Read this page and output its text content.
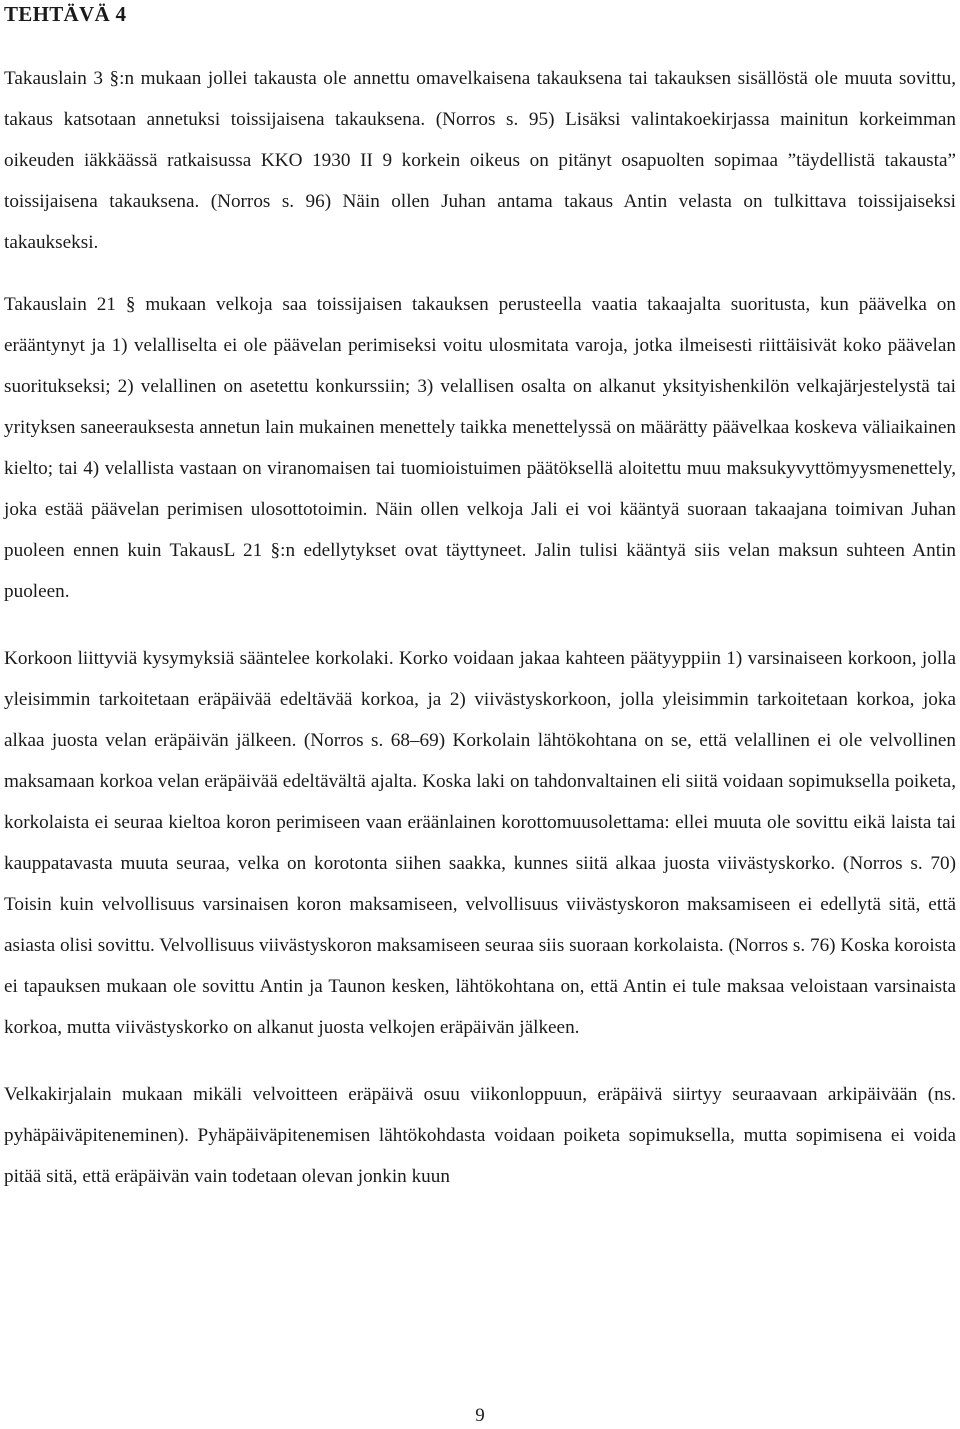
TEHTÄVÄ 4

Takauslain 3 §:n mukaan jollei takausta ole annettu omavelkaisena takauksena tai takauksen sisällöstä ole muuta sovittu, takaus katsotaan annetuksi toissijaisena takauksena. (Norros s. 95) Lisäksi valintakoekirjassa mainitun korkeimman oikeuden iäkkäässä ratkaisussa KKO 1930 II 9 korkein oikeus on pitänyt osapuolten sopimaa ”täydellistä takausta” toissijaisena takauksena. (Norros s. 96) Näin ollen Juhan antama takaus Antin velasta on tulkittava toissijaiseksi takaukseksi.

Takauslain 21 § mukaan velkoja saa toissijaisen takauksen perusteella vaatia takaajalta suoritusta, kun päävelka on erääntynyt ja 1) velalliselta ei ole päävelan perimiseksi voitu ulosmitata varoja, jotka ilmeisesti riittäisivät koko päävelan suoritukseksi; 2) velallinen on asetettu konkurssiin; 3) velallisen osalta on alkanut yksityishenkilön velkajärjestelystä tai yrityksen saneerauksesta annetun lain mukainen menettely taikka menettelyssä on määrätty päävelkaa koskeva väliaikainen kielto; tai 4) velallista vastaan on viranomaisen tai tuomioistuimen päätöksellä aloitettu muu maksukyvyttömyysmenettely, joka estää päävelan perimisen ulosottotoimin. Näin ollen velkoja Jali ei voi kääntyä suoraan takaajana toimivan Juhan puoleen ennen kuin TakausL 21 §:n edellytykset ovat täyttyneet. Jalin tulisi kääntyä siis velan maksun suhteen Antin puoleen.

Korkoon liittyviä kysymyksiä sääntelee korkolaki. Korko voidaan jakaa kahteen päätyyppiin 1) varsinaiseen korkoon, jolla yleisimmin tarkoitetaan eräpäivää edeltävää korkoa, ja 2) viivästyskorkoon, jolla yleisimmin tarkoitetaan korkoa, joka alkaa juosta velan eräpäivän jälkeen. (Norros s. 68–69) Korkolain lähtökohtana on se, että velallinen ei ole velvollinen maksamaan korkoa velan eräpäivää edeltävältä ajalta. Koska laki on tahdonvaltainen eli siitä voidaan sopimuksella poiketa, korkolaista ei seuraa kieltoa koron perimiseen vaan eräänlainen korottomuusolettama: ellei muuta ole sovittu eikä laista tai kauppatavasta muuta seuraa, velka on korotonta siihen saakka, kunnes siitä alkaa juosta viivästyskorko. (Norros s. 70) Toisin kuin velvollisuus varsinaisen koron maksamiseen, velvollisuus viivästyskoron maksamiseen ei edellytä sitä, että asiasta olisi sovittu. Velvollisuus viivästyskoron maksamiseen seuraa siis suoraan korkolaista. (Norros s. 76) Koska koroista ei tapauksen mukaan ole sovittu Antin ja Taunon kesken, lähtökohtana on, että Antin ei tule maksaa veloistaan varsinaista korkoa, mutta viivästyskorko on alkanut juosta velkojen eräpäivän jälkeen.

Velkakirjalain mukaan mikäli velvoitteen eräpäivä osuu viikonloppuun, eräpäivä siirtyy seuraavaan arkipäivään (ns. pyhäpäiväpitenеminen). Pyhäpäiväpitenemisen lähtökohdasta voidaan poiketa sopimuksella, mutta sopimisena ei voida pitää sitä, että eräpäivän vain todetaan olevan jonkin kuun

9
